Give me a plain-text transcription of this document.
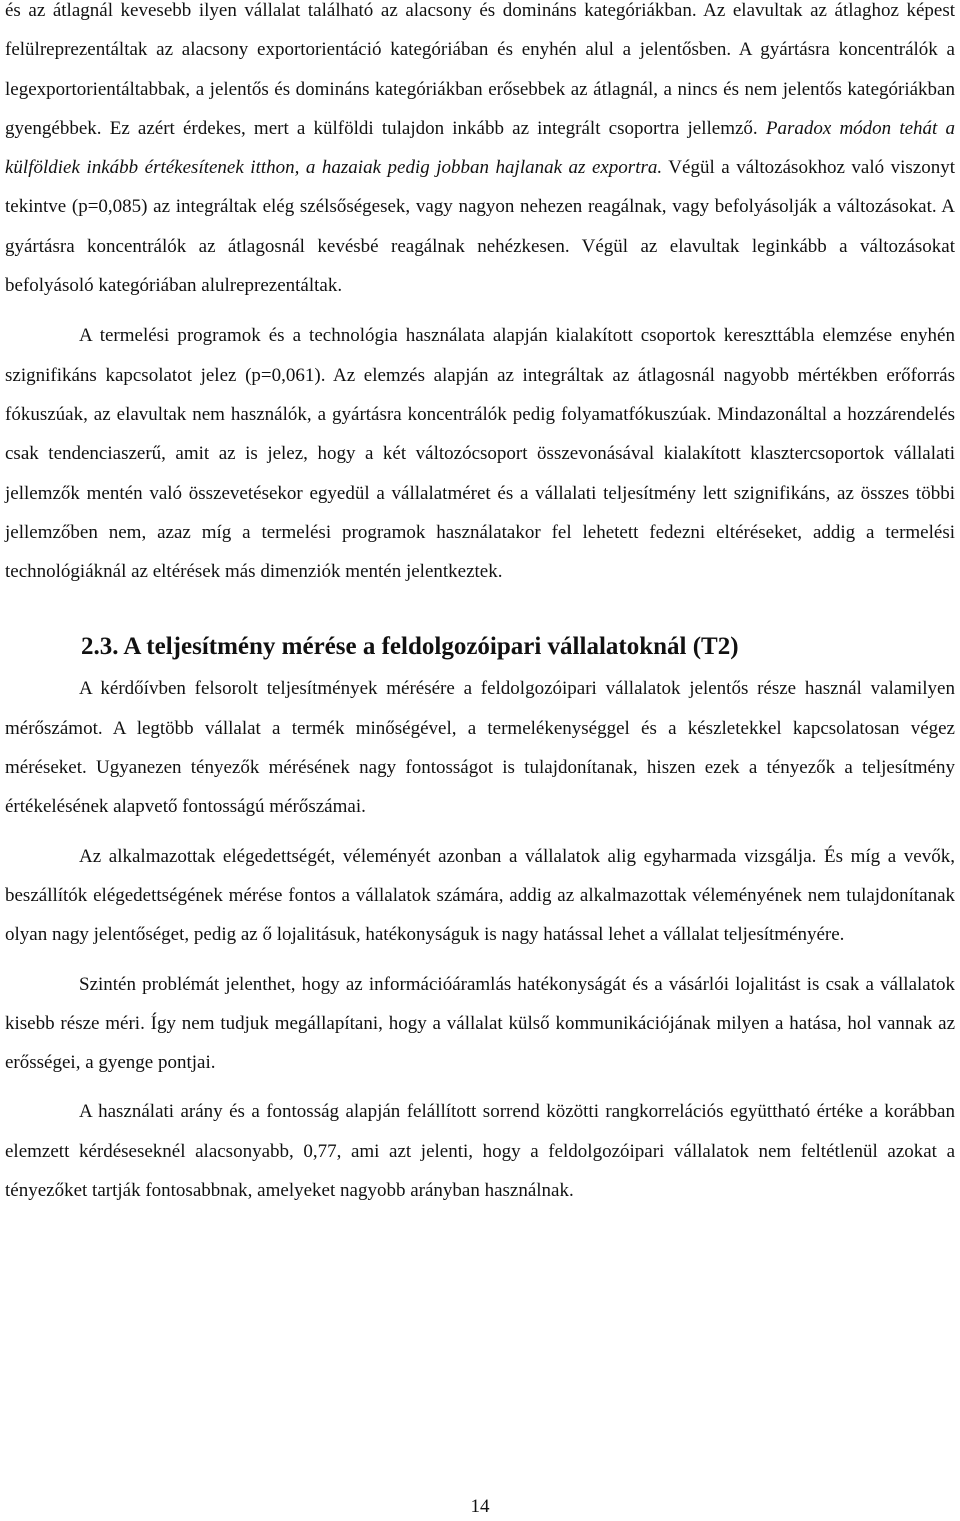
és az átlagnál kevesebb ilyen vállalat található az alacsony és domináns kategóriákban. Az elavultak az átlaghoz képest felülreprezentáltak az alacsony exportorientáció kategóriában és enyhén alul a jelentősben. A gyártásra koncentrálók a legexportorientáltabbak, a jelentős és domináns kategóriákban erősebbek az átlagnál, a nincs és nem jelentős kategóriákban gyengébbek. Ez azért érdekes, mert a külföldi tulajdon inkább az integrált csoportra jellemző. Paradox módon tehát a külföldiek inkább értékesítenek itthon, a hazaiak pedig jobban hajlanak az exportra. Végül a változásokhoz való viszonyt tekintve (p=0,085) az integráltak elég szélsőségesek, vagy nagyon nehezen reagálnak, vagy befolyásolják a változásokat. A gyártásra koncentrálók az átlagosnál kevésbé reagálnak nehézkesen. Végül az elavultak leginkább a változásokat befolyásoló kategóriában alulreprezentáltak.

A termelési programok és a technológia használata alapján kialakított csoportok kereszttábla elemzése enyhén szignifikáns kapcsolatot jelez (p=0,061). Az elemzés alapján az integráltak az átlagosnál nagyobb mértékben erőforrás fókuszúak, az elavultak nem használók, a gyártásra koncentrálók pedig folyamatfókuszúak. Mindazonáltal a hozzárendelés csak tendenciaszerű, amit az is jelez, hogy a két változócsoport összevonásával kialakított klasztercsoportok vállalati jellemzők mentén való összevetésekor egyedül a vállalatméret és a vállalati teljesítmény lett szignifikáns, az összes többi jellemzőben nem, azaz míg a termelési programok használatakor fel lehetett fedezni eltéréseket, addig a termelési technológiáknál az eltérések más dimenziók mentén jelentkeztek.

2.3. A teljesítmény mérése a feldolgozóipari vállalatoknál (T2)

A kérdőívben felsorolt teljesítmények mérésére a feldolgozóipari vállalatok jelentős része használ valamilyen mérőszámot. A legtöbb vállalat a termék minőségével, a termelékenységgel és a készletekkel kapcsolatosan végez méréseket. Ugyanezen tényezők mérésének nagy fontosságot is tulajdonítanak, hiszen ezek a tényezők a teljesítmény értékelésének alapvető fontosságú mérőszámai.

Az alkalmazottak elégedettségét, véleményét azonban a vállalatok alig egyharmada vizsgálja. És míg a vevők, beszállítók elégedettségének mérése fontos a vállalatok számára, addig az alkalmazottak véleményének nem tulajdonítanak olyan nagy jelentőséget, pedig az ő lojalitásuk, hatékonyságuk is nagy hatással lehet a vállalat teljesítményére.

Szintén problémát jelenthet, hogy az információáramlás hatékonyságát és a vásárlói lojalitást is csak a vállalatok kisebb része méri. Így nem tudjuk megállapítani, hogy a vállalat külső kommunikációjának milyen a hatása, hol vannak az erősségei, a gyenge pontjai.

A használati arány és a fontosság alapján felállított sorrend közötti rangkorrelációs együttható értéke a korábban elemzett kérdéseseknél alacsonyabb, 0,77, ami azt jelenti, hogy a feldolgozóipari vállalatok nem feltétlenül azokat a tényezőket tartják fontosabbnak, amelyeket nagyobb arányban használnak.

14
